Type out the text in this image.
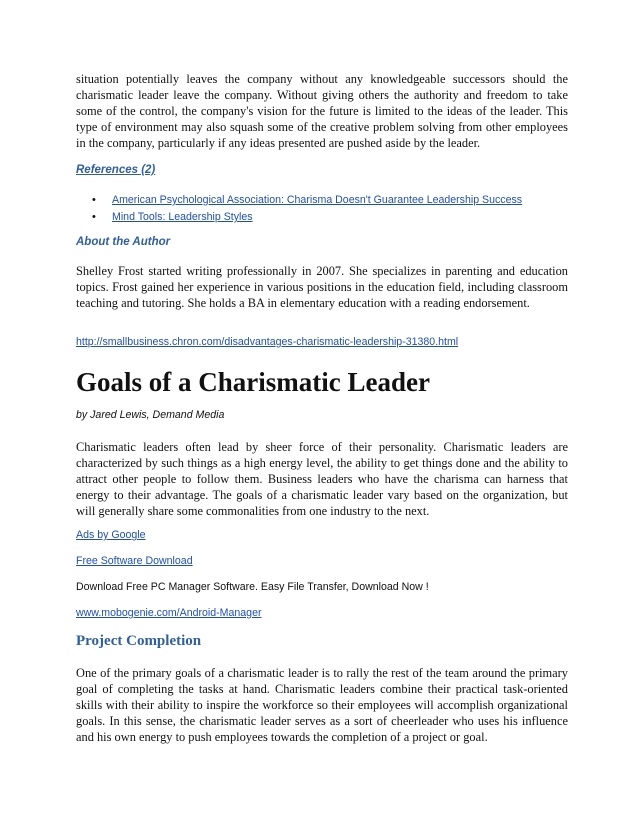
situation potentially leaves the company without any knowledgeable successors should the charismatic leader leave the company. Without giving others the authority and freedom to take some of the control, the company's vision for the future is limited to the ideas of the leader. This type of environment may also squash some of the creative problem solving from other employees in the company, particularly if any ideas presented are pushed aside by the leader.

References (2)
• American Psychological Association: Charisma Doesn't Guarantee Leadership Success
• Mind Tools: Leadership Styles
About the Author

Shelley Frost started writing professionally in 2007. She specializes in parenting and education topics. Frost gained her experience in various positions in the education field, including classroom teaching and tutoring. She holds a BA in elementary education with a reading endorsement.

http://smallbusiness.chron.com/disadvantages-charismatic-leadership-31380.html
Goals of a Charismatic Leader
by Jared Lewis, Demand Media

Charismatic leaders often lead by sheer force of their personality. Charismatic leaders are characterized by such things as a high energy level, the ability to get things done and the ability to attract other people to follow them. Business leaders who have the charisma can harness that energy to their advantage. The goals of a charismatic leader vary based on the organization, but will generally share some commonalities from one industry to the next.

Ads by Google
Free Software Download
Download Free PC Manager Software. Easy File Transfer, Download Now !
www.mobogenie.com/Android-Manager
Project Completion

One of the primary goals of a charismatic leader is to rally the rest of the team around the primary goal of completing the tasks at hand. Charismatic leaders combine their practical task-oriented skills with their ability to inspire the workforce so their employees will accomplish organizational goals. In this sense, the charismatic leader serves as a sort of cheerleader who uses his influence and his own energy to push employees towards the completion of a project or goal.
